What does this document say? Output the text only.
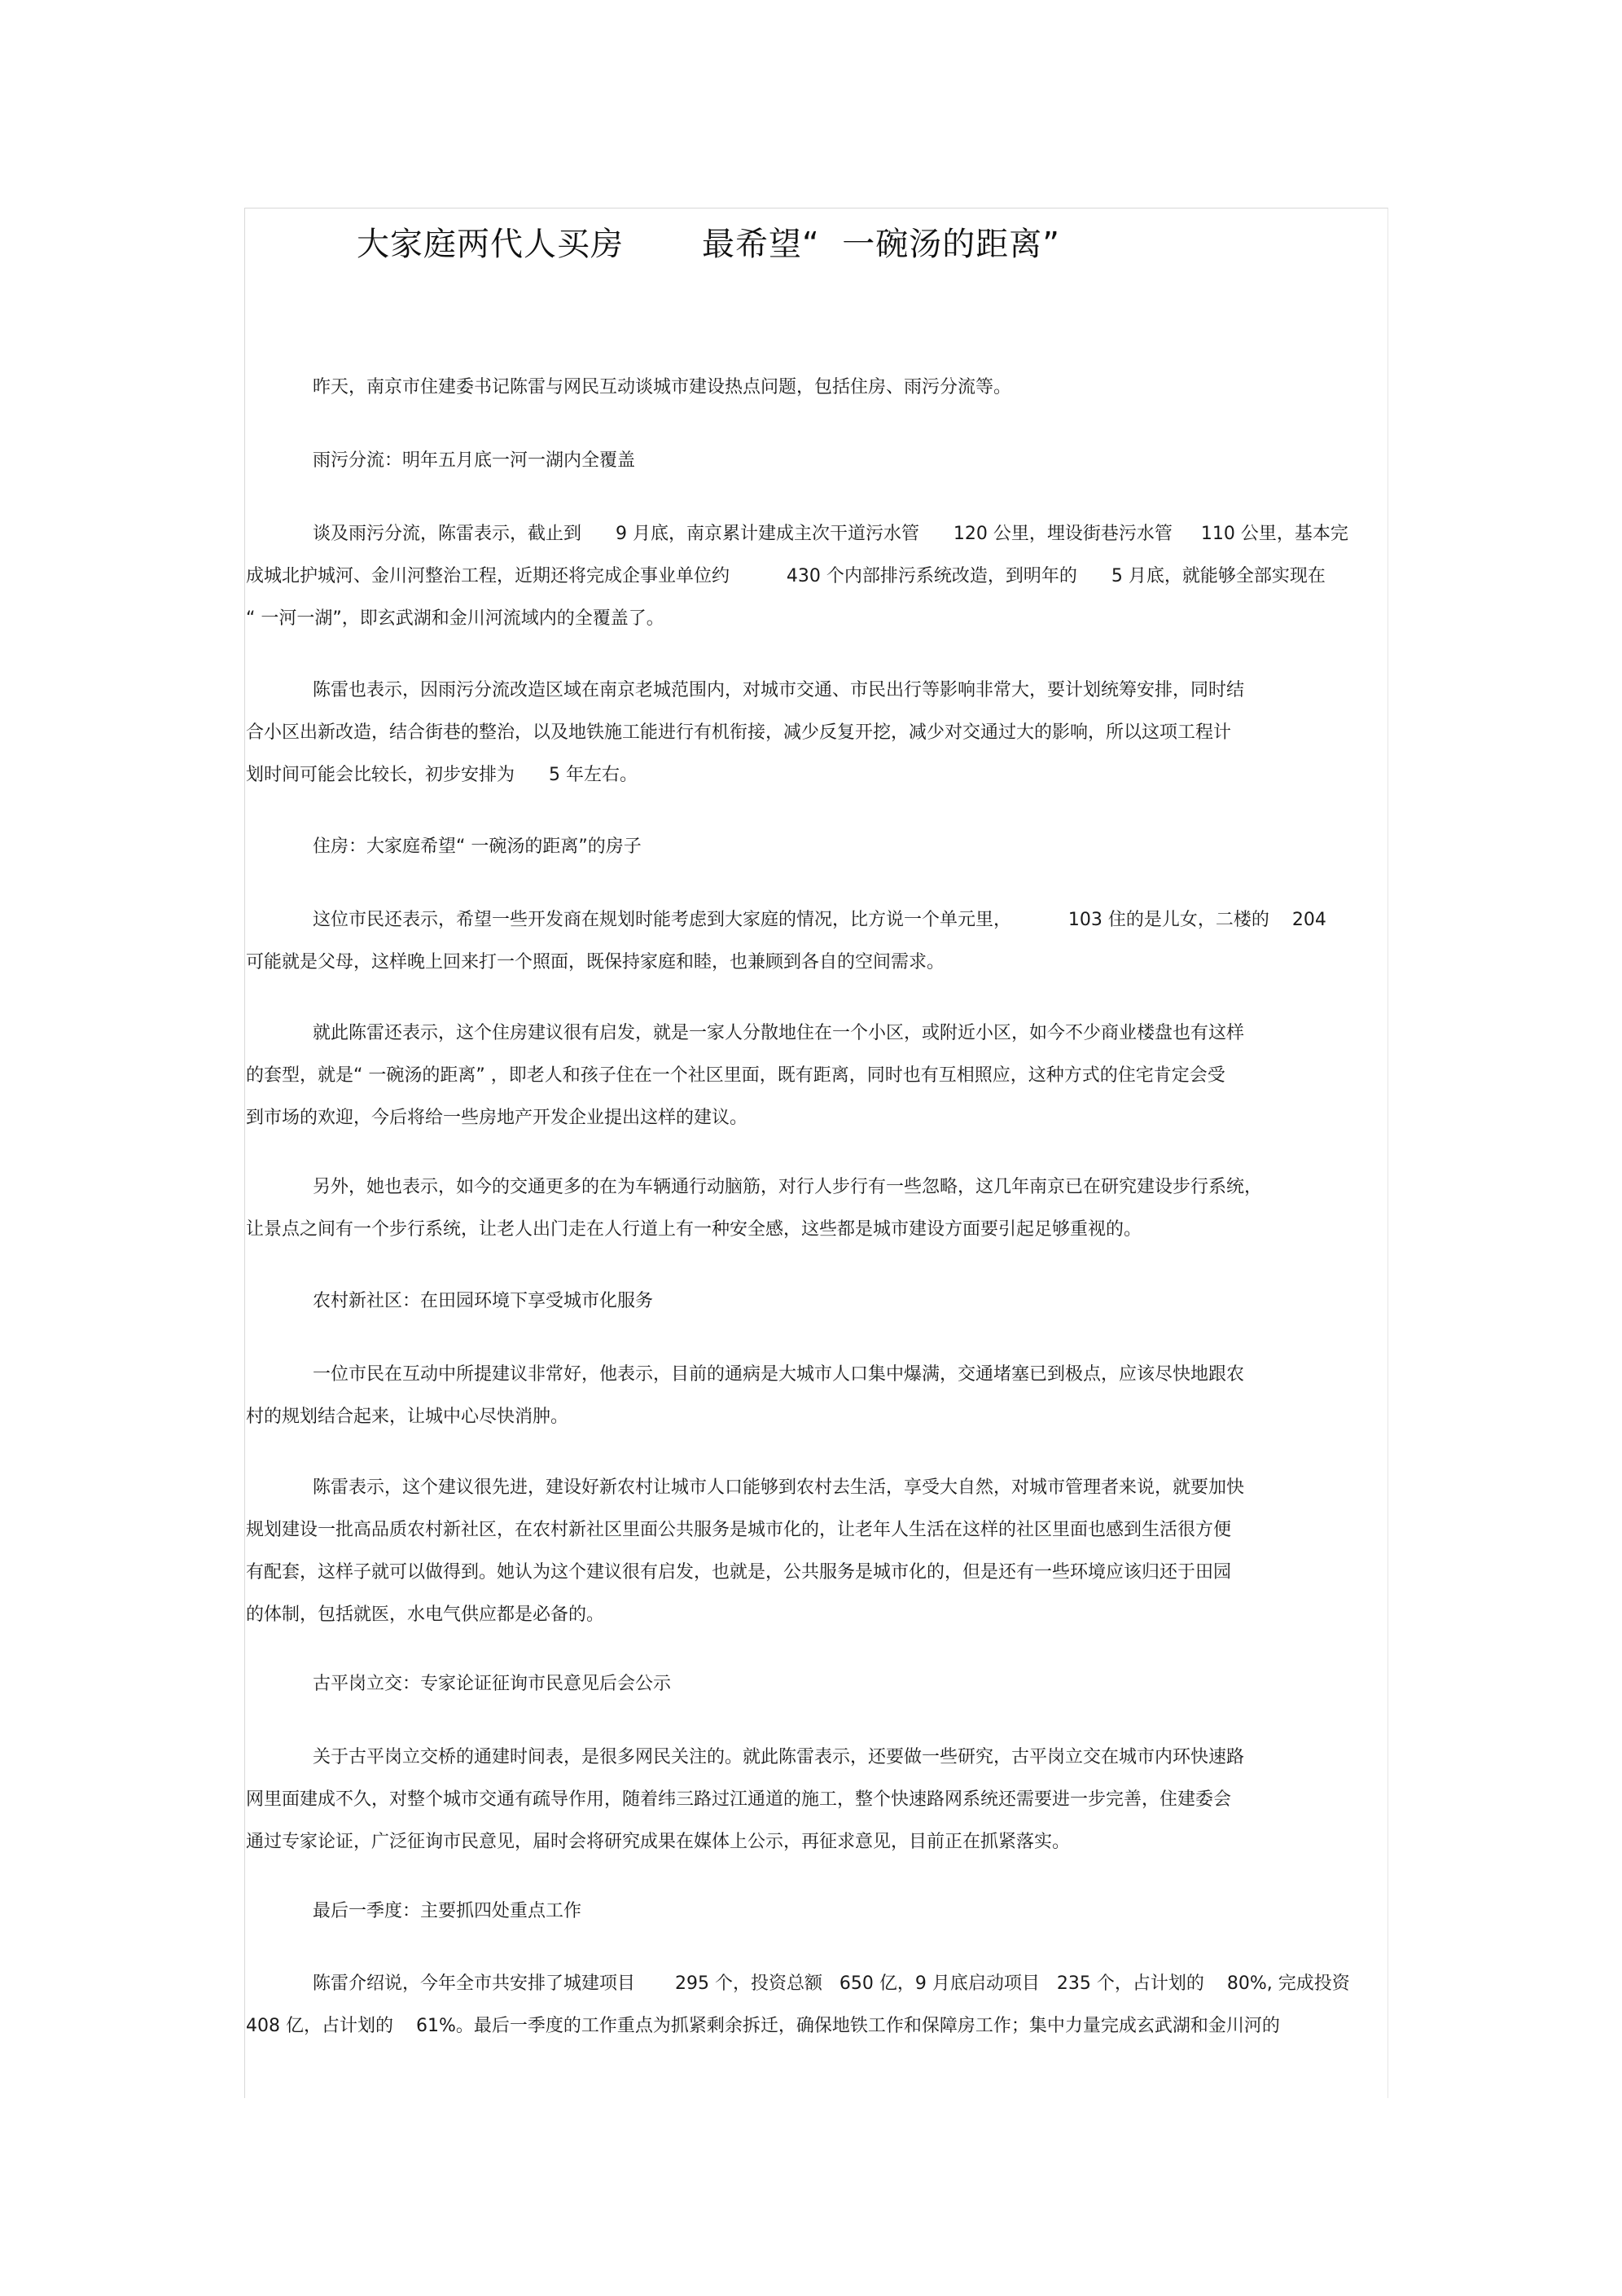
大家庭两代人买房       最希望“  一碗汤的距离”
昨天，南京市住建委书记陈雷与网民互动谈城市建设热点问题，包括住房、雨污分流等。
雨污分流：明年五月底一河一湖内全覆盖
谈及雨污分流，陈雷表示，截止到      9 月底，南京累计建成主次干道污水管      120 公里，埋设街巷污水管     110 公里，基本完
成城北护城河、金川河整治工程，近期还将完成企事业单位约          430 个内部排污系统改造，到明年的      5 月底，就能够全部实现在
“ 一河一湖”，即玄武湖和金川河流域内的全覆盖了。
陈雷也表示，因雨污分流改造区域在南京老城范围内，对城市交通、市民出行等影响非常大，要计划统筹安排，同时结
合小区出新改造，结合街巷的整治，以及地铁施工能进行有机衔接，减少反复开挖，减少对交通过大的影响，所以这项工程计
划时间可能会比较长，初步安排为      5 年左右。
住房：大家庭希望“ 一碗汤的距离”的房子
这位市民还表示，希望一些开发商在规划时能考虑到大家庭的情况，比方说一个单元里，          103 住的是儿女，二楼的    204
可能就是父母，这样晚上回来打一个照面，既保持家庭和睦，也兼顾到各自的空间需求。
就此陈雷还表示，这个住房建议很有启发，就是一家人分散地住在一个小区，或附近小区，如今不少商业楼盘也有这样
的套型，就是“ 一碗汤的距离” ，即老人和孩子住在一个社区里面，既有距离，同时也有互相照应，这种方式的住宅肯定会受
到市场的欢迎，今后将给一些房地产开发企业提出这样的建议。
另外，她也表示，如今的交通更多的在为车辆通行动脑筋，对行人步行有一些忽略，这几年南京已在研究建设步行系统，
让景点之间有一个步行系统，让老人出门走在人行道上有一种安全感，这些都是城市建设方面要引起足够重视的。
农村新社区：在田园环境下享受城市化服务
一位市民在互动中所提建议非常好，他表示，目前的通病是大城市人口集中爆满，交通堵塞已到极点，应该尽快地跟农
村的规划结合起来，让城中心尽快消肿。
陈雷表示，这个建议很先进，建设好新农村让城市人口能够到农村去生活，享受大自然，对城市管理者来说，就要加快
规划建设一批高品质农村新社区，在农村新社区里面公共服务是城市化的，让老年人生活在这样的社区里面也感到生活很方便
有配套，这样子就可以做得到。她认为这个建议很有启发，也就是，公共服务是城市化的，但是还有一些环境应该归还于田园
的体制，包括就医，水电气供应都是必备的。
古平岗立交：专家论证征询市民意见后会公示
关于古平岗立交桥的通建时间表，是很多网民关注的。就此陈雷表示，还要做一些研究，古平岗立交在城市内环快速路
网里面建成不久，对整个城市交通有疏导作用，随着纬三路过江通道的施工，整个快速路网系统还需要进一步完善，住建委会
通过专家论证，广泛征询市民意见，届时会将研究成果在媒体上公示，再征求意见，目前正在抓紧落实。
最后一季度：主要抓四处重点工作
陈雷介绍说，今年全市共安排了城建项目       295 个，投资总额   650 亿，9 月底启动项目   235 个，占计划的    80%, 完成投资
408 亿，占计划的    61%。最后一季度的工作重点为抓紧剩余拆迁，确保地铁工作和保障房工作；集中力量完成玄武湖和金川河的
